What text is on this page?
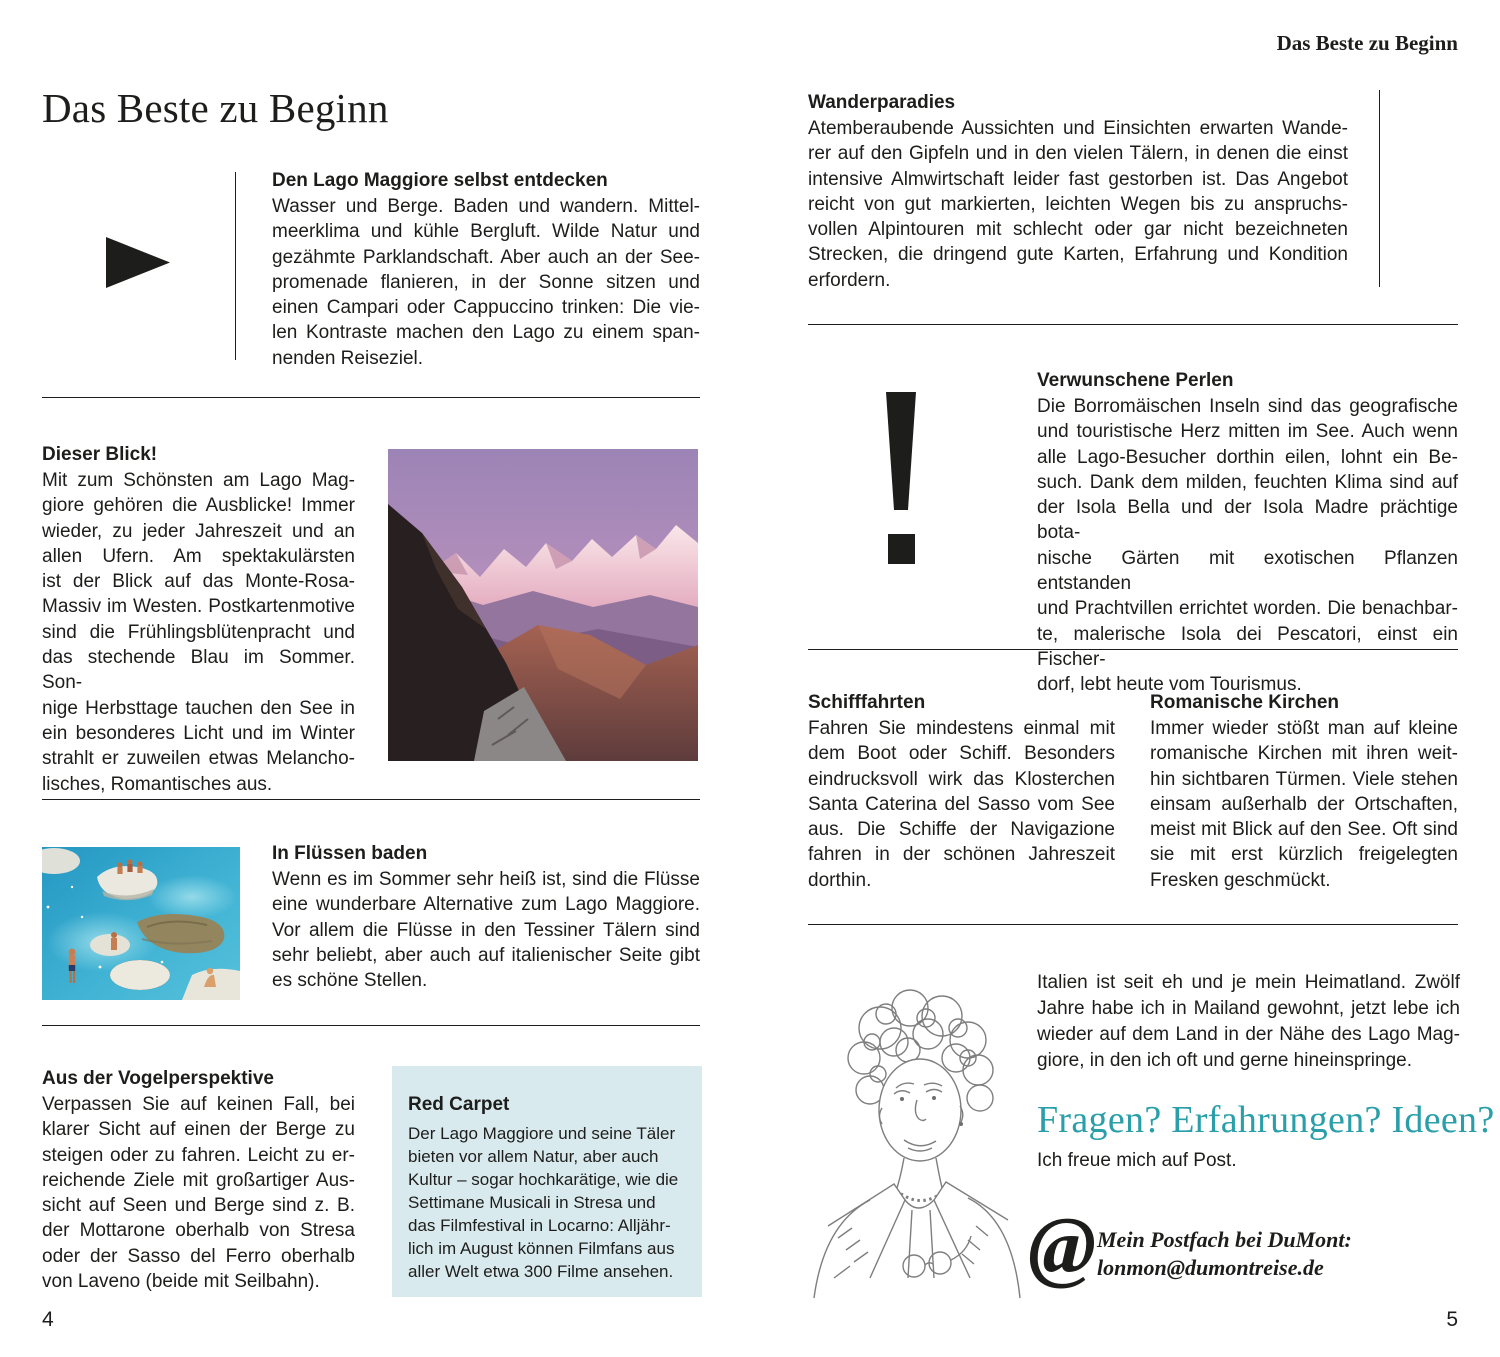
Das Beste zu Beginn
Den Lago Maggiore selbst entdecken
Wasser und Berge. Baden und wandern. Mittel-
meerklima und kühle Bergluft. Wilde Natur und
gezähmte Parklandschaft. Aber auch an der See-
promenade flanieren, in der Sonne sitzen und
einen Campari oder Cappuccino trinken: Die vie-
len Kontraste machen den Lago zu einem span-
nenden Reiseziel.
Dieser Blick!
Mit zum Schönsten am Lago Mag-
giore gehören die Ausblicke! Immer
wieder, zu jeder Jahreszeit und an
allen Ufern. Am spektakulärsten
ist der Blick auf das Monte-Rosa-
Massiv im Westen. Postkartenmotive
sind die Frühlingsblütenpracht und
das stechende Blau im Sommer. Son-
nige Herbsttage tauchen den See in
ein besonderes Licht und im Winter
strahlt er zuweilen etwas Melancho-
lisches, Romantisches aus.
In Flüssen baden
Wenn es im Sommer sehr heiß ist, sind die Flüsse
eine wunderbare Alternative zum Lago Maggiore.
Vor allem die Flüsse in den Tessiner Tälern sind
sehr beliebt, aber auch auf italienischer Seite gibt
es schöne Stellen.
Aus der Vogelperspektive
Verpassen Sie auf keinen Fall, bei
klarer Sicht auf einen der Berge zu
steigen oder zu fahren. Leicht zu er-
reichende Ziele mit großartiger Aus-
sicht auf Seen und Berge sind z. B.
der Mottarone oberhalb von Stresa
oder der Sasso del Ferro oberhalb
von Laveno (beide mit Seilbahn).
Red Carpet
Der Lago Maggiore und seine Täler
bieten vor allem Natur, aber auch
Kultur – sogar hochkarätige, wie die
Settimane Musicali in Stresa und
das Filmfestival in Locarno: Alljähr-
lich im August können Filmfans aus
aller Welt etwa 300 Filme ansehen.
4
Das Beste zu Beginn
Wanderparadies
Atemberaubende Aussichten und Einsichten erwarten Wande-
rer auf den Gipfeln und in den vielen Tälern, in denen die einst
intensive Almwirtschaft leider fast gestorben ist. Das Angebot
reicht von gut markierten, leichten Wegen bis zu anspruchs-
vollen Alpintouren mit schlecht oder gar nicht bezeichneten
Strecken, die dringend gute Karten, Erfahrung und Kondition
erfordern.
Verwunschene Perlen
Die Borromäischen Inseln sind das geografische
und touristische Herz mitten im See. Auch wenn
alle Lago-Besucher dorthin eilen, lohnt ein Be-
such. Dank dem milden, feuchten Klima sind auf
der Isola Bella und der Isola Madre prächtige bota-
nische Gärten mit exotischen Pflanzen entstanden
und Prachtvillen errichtet worden. Die benachbar-
te, malerische Isola dei Pescatori, einst ein Fischer-
dorf, lebt heute vom Tourismus.
Schifffahrten
Fahren Sie mindestens einmal mit
dem Boot oder Schiff. Besonders
eindrucksvoll wirk das Klosterchen
Santa Caterina del Sasso vom See
aus. Die Schiffe der Navigazione
fahren in der schönen Jahreszeit
dorthin.
Romanische Kirchen
Immer wieder stößt man auf kleine
romanische Kirchen mit ihren weit-
hin sichtbaren Türmen. Viele stehen
einsam außerhalb der Ortschaften,
meist mit Blick auf den See. Oft sind
sie mit erst kürzlich freigelegten
Fresken geschmückt.
Italien ist seit eh und je mein Heimatland. Zwölf
Jahre habe ich in Mailand gewohnt, jetzt lebe ich
wieder auf dem Land in der Nähe des Lago Mag-
giore, in den ich oft und gerne hineinspringe.
Fragen? Erfahrungen? Ideen?
Ich freue mich auf Post.
@ Mein Postfach bei DuMont:
lonmon@dumontreise.de
5
